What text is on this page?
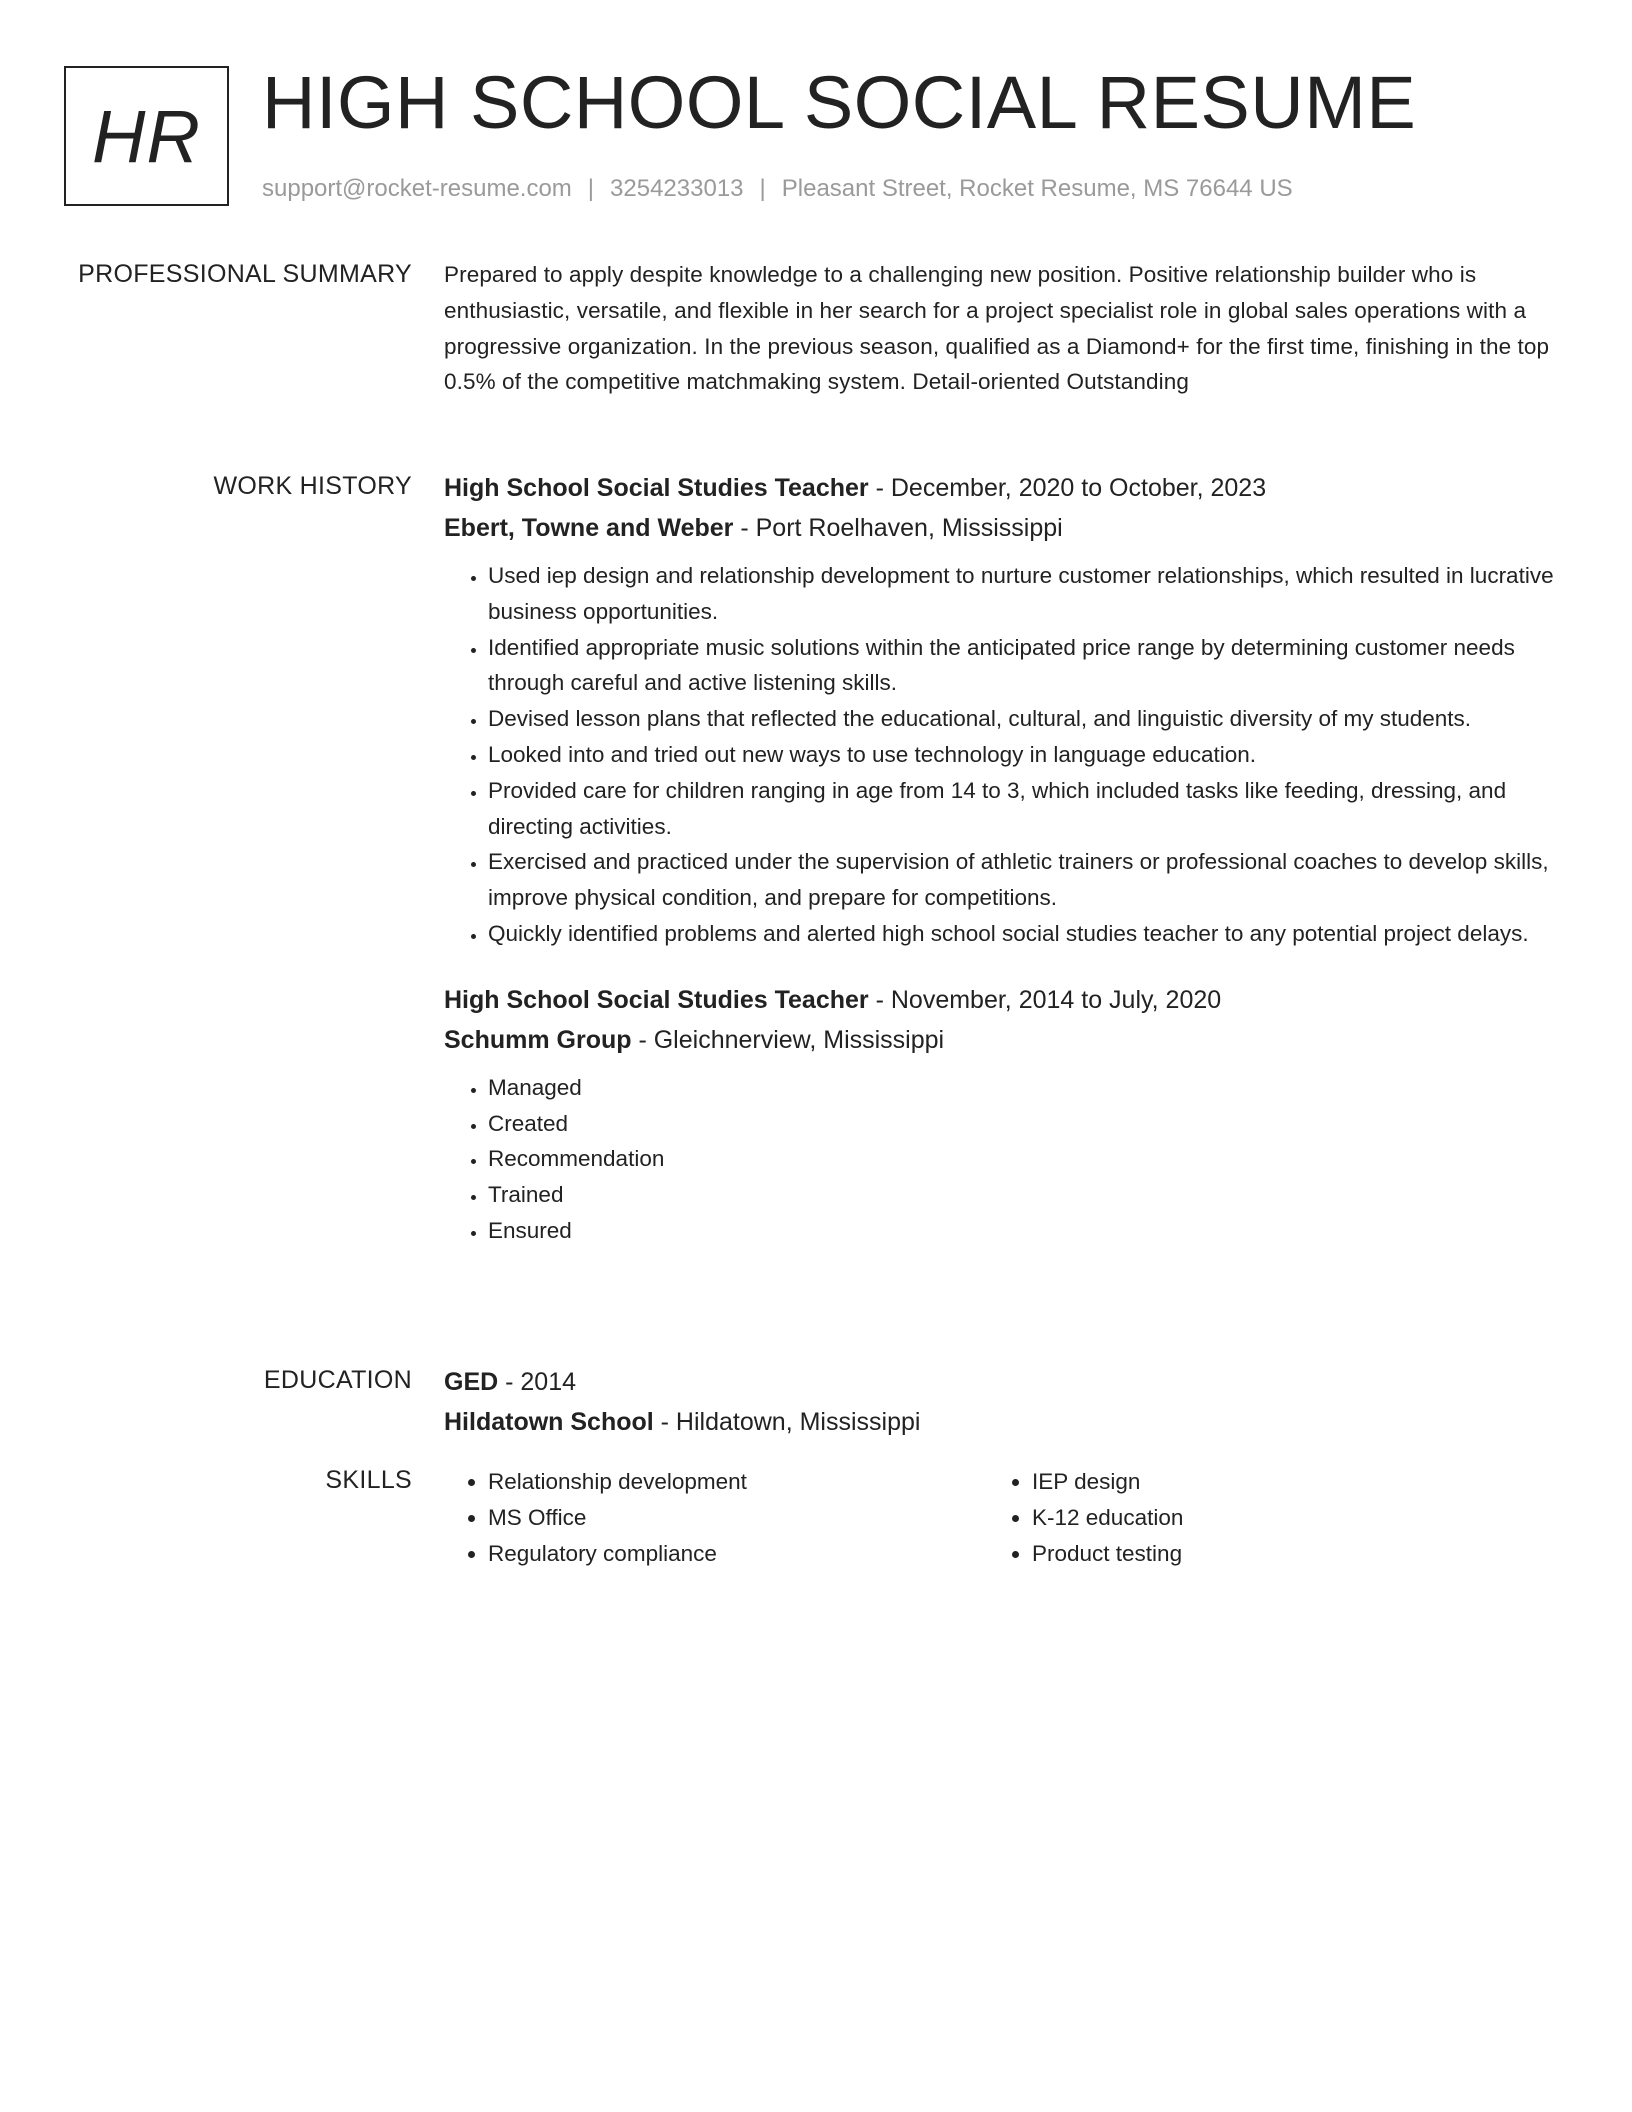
HR HIGH SCHOOL SOCIAL RESUME
support@rocket-resume.com | 3254233013 | Pleasant Street, Rocket Resume, MS 76644 US
PROFESSIONAL SUMMARY Prepared to apply despite knowledge to a challenging new position. Positive relationship builder who is enthusiastic, versatile, and flexible in her search for a project specialist role in global sales operations with a progressive organization. In the previous season, qualified as a Diamond+ for the first time, finishing in the top 0.5% of the competitive matchmaking system. Detail-oriented Outstanding

WORK HISTORY High School Social Studies Teacher - December, 2020 to October, 2023
Ebert, Towne and Weber - Port Roelhaven, Mississippi
• Used iep design and relationship development to nurture customer relationships, which resulted in lucrative business opportunities.
• Identified appropriate music solutions within the anticipated price range by determining customer needs through careful and active listening skills.
• Devised lesson plans that reflected the educational, cultural, and linguistic diversity of my students.
• Looked into and tried out new ways to use technology in language education.
• Provided care for children ranging in age from 14 to 3, which included tasks like feeding, dressing, and directing activities.
• Exercised and practiced under the supervision of athletic trainers or professional coaches to develop skills, improve physical condition, and prepare for competitions.
• Quickly identified problems and alerted high school social studies teacher to any potential project delays.
High School Social Studies Teacher - November, 2014 to July, 2020
Schumm Group - Gleichnerview, Mississippi
• Managed
• Created
• Recommendation
• Trained
• Ensured
EDUCATION GED - 2014
Hildatown School - Hildatown, Mississippi
SKILLS
•	Relationship development
• MS Office
• Regulatory compliance
• IEP design
• K-12 education
• Product testing
